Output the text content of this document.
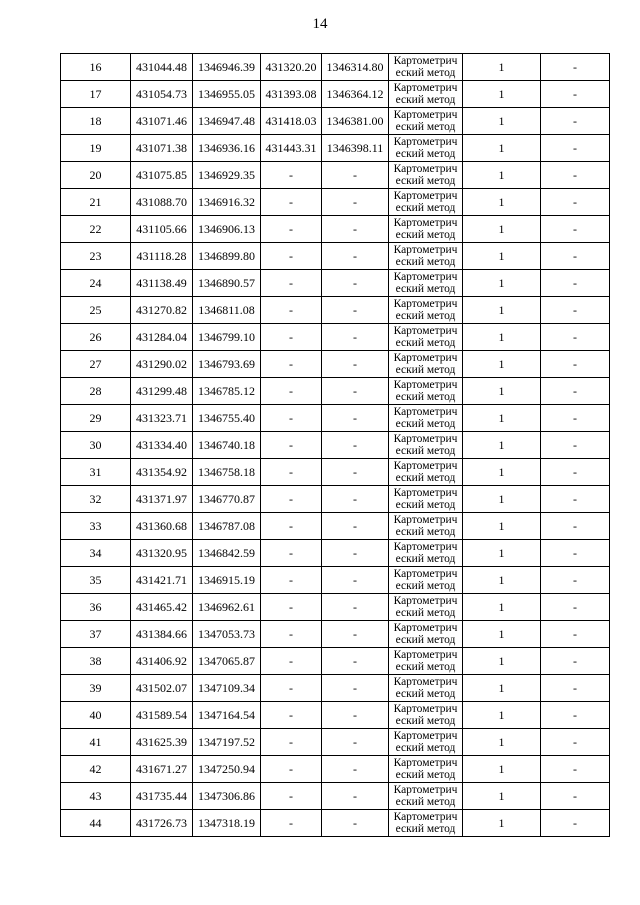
14
16	431044.48	1346946.39	431320.20	1346314.80	Картометрич
еский метод	1	-
17	431054.73	1346955.05	431393.08	1346364.12	Картометрич
еский метод	1	-
18	431071.46	1346947.48	431418.03	1346381.00	Картометрич
еский метод	1	-
19	431071.38	1346936.16	431443.31	1346398.11	Картометрич
еский метод	1	-
20	431075.85	1346929.35	-	-	Картометрич
еский метод	1	-
21	431088.70	1346916.32	-	-	Картометрич
еский метод	1	-
22	431105.66	1346906.13	-	-	Картометрич
еский метод	1	-
23	431118.28	1346899.80	-	-	Картометрич
еский метод	1	-
24	431138.49	1346890.57	-	-	Картометрич
еский метод	1	-
25	431270.82	1346811.08	-	-	Картометрич
еский метод	1	-
26	431284.04	1346799.10	-	-	Картометрич
еский метод	1	-
27	431290.02	1346793.69	-	-	Картометрич
еский метод	1	-
28	431299.48	1346785.12	-	-	Картометрич
еский метод	1	-
29	431323.71	1346755.40	-	-	Картометрич
еский метод	1	-
30	431334.40	1346740.18	-	-	Картометрич
еский метод	1	-
31	431354.92	1346758.18	-	-	Картометрич
еский метод	1	-
32	431371.97	1346770.87	-	-	Картометрич
еский метод	1	-
33	431360.68	1346787.08	-	-	Картометрич
еский метод	1	-
34	431320.95	1346842.59	-	-	Картометрич
еский метод	1	-
35	431421.71	1346915.19	-	-	Картометрич
еский метод	1	-
36	431465.42	1346962.61	-	-	Картометрич
еский метод	1	-
37	431384.66	1347053.73	-	-	Картометрич
еский метод	1	-
38	431406.92	1347065.87	-	-	Картометрич
еский метод	1	-
39	431502.07	1347109.34	-	-	Картометрич
еский метод	1	-
40	431589.54	1347164.54	-	-	Картометрич
еский метод	1	-
41	431625.39	1347197.52	-	-	Картометрич
еский метод	1	-
42	431671.27	1347250.94	-	-	Картометрич
еский метод	1	-
43	431735.44	1347306.86	-	-	Картометрич
еский метод	1	-
44	431726.73	1347318.19	-	-	Картометрич
еский метод	1	-
